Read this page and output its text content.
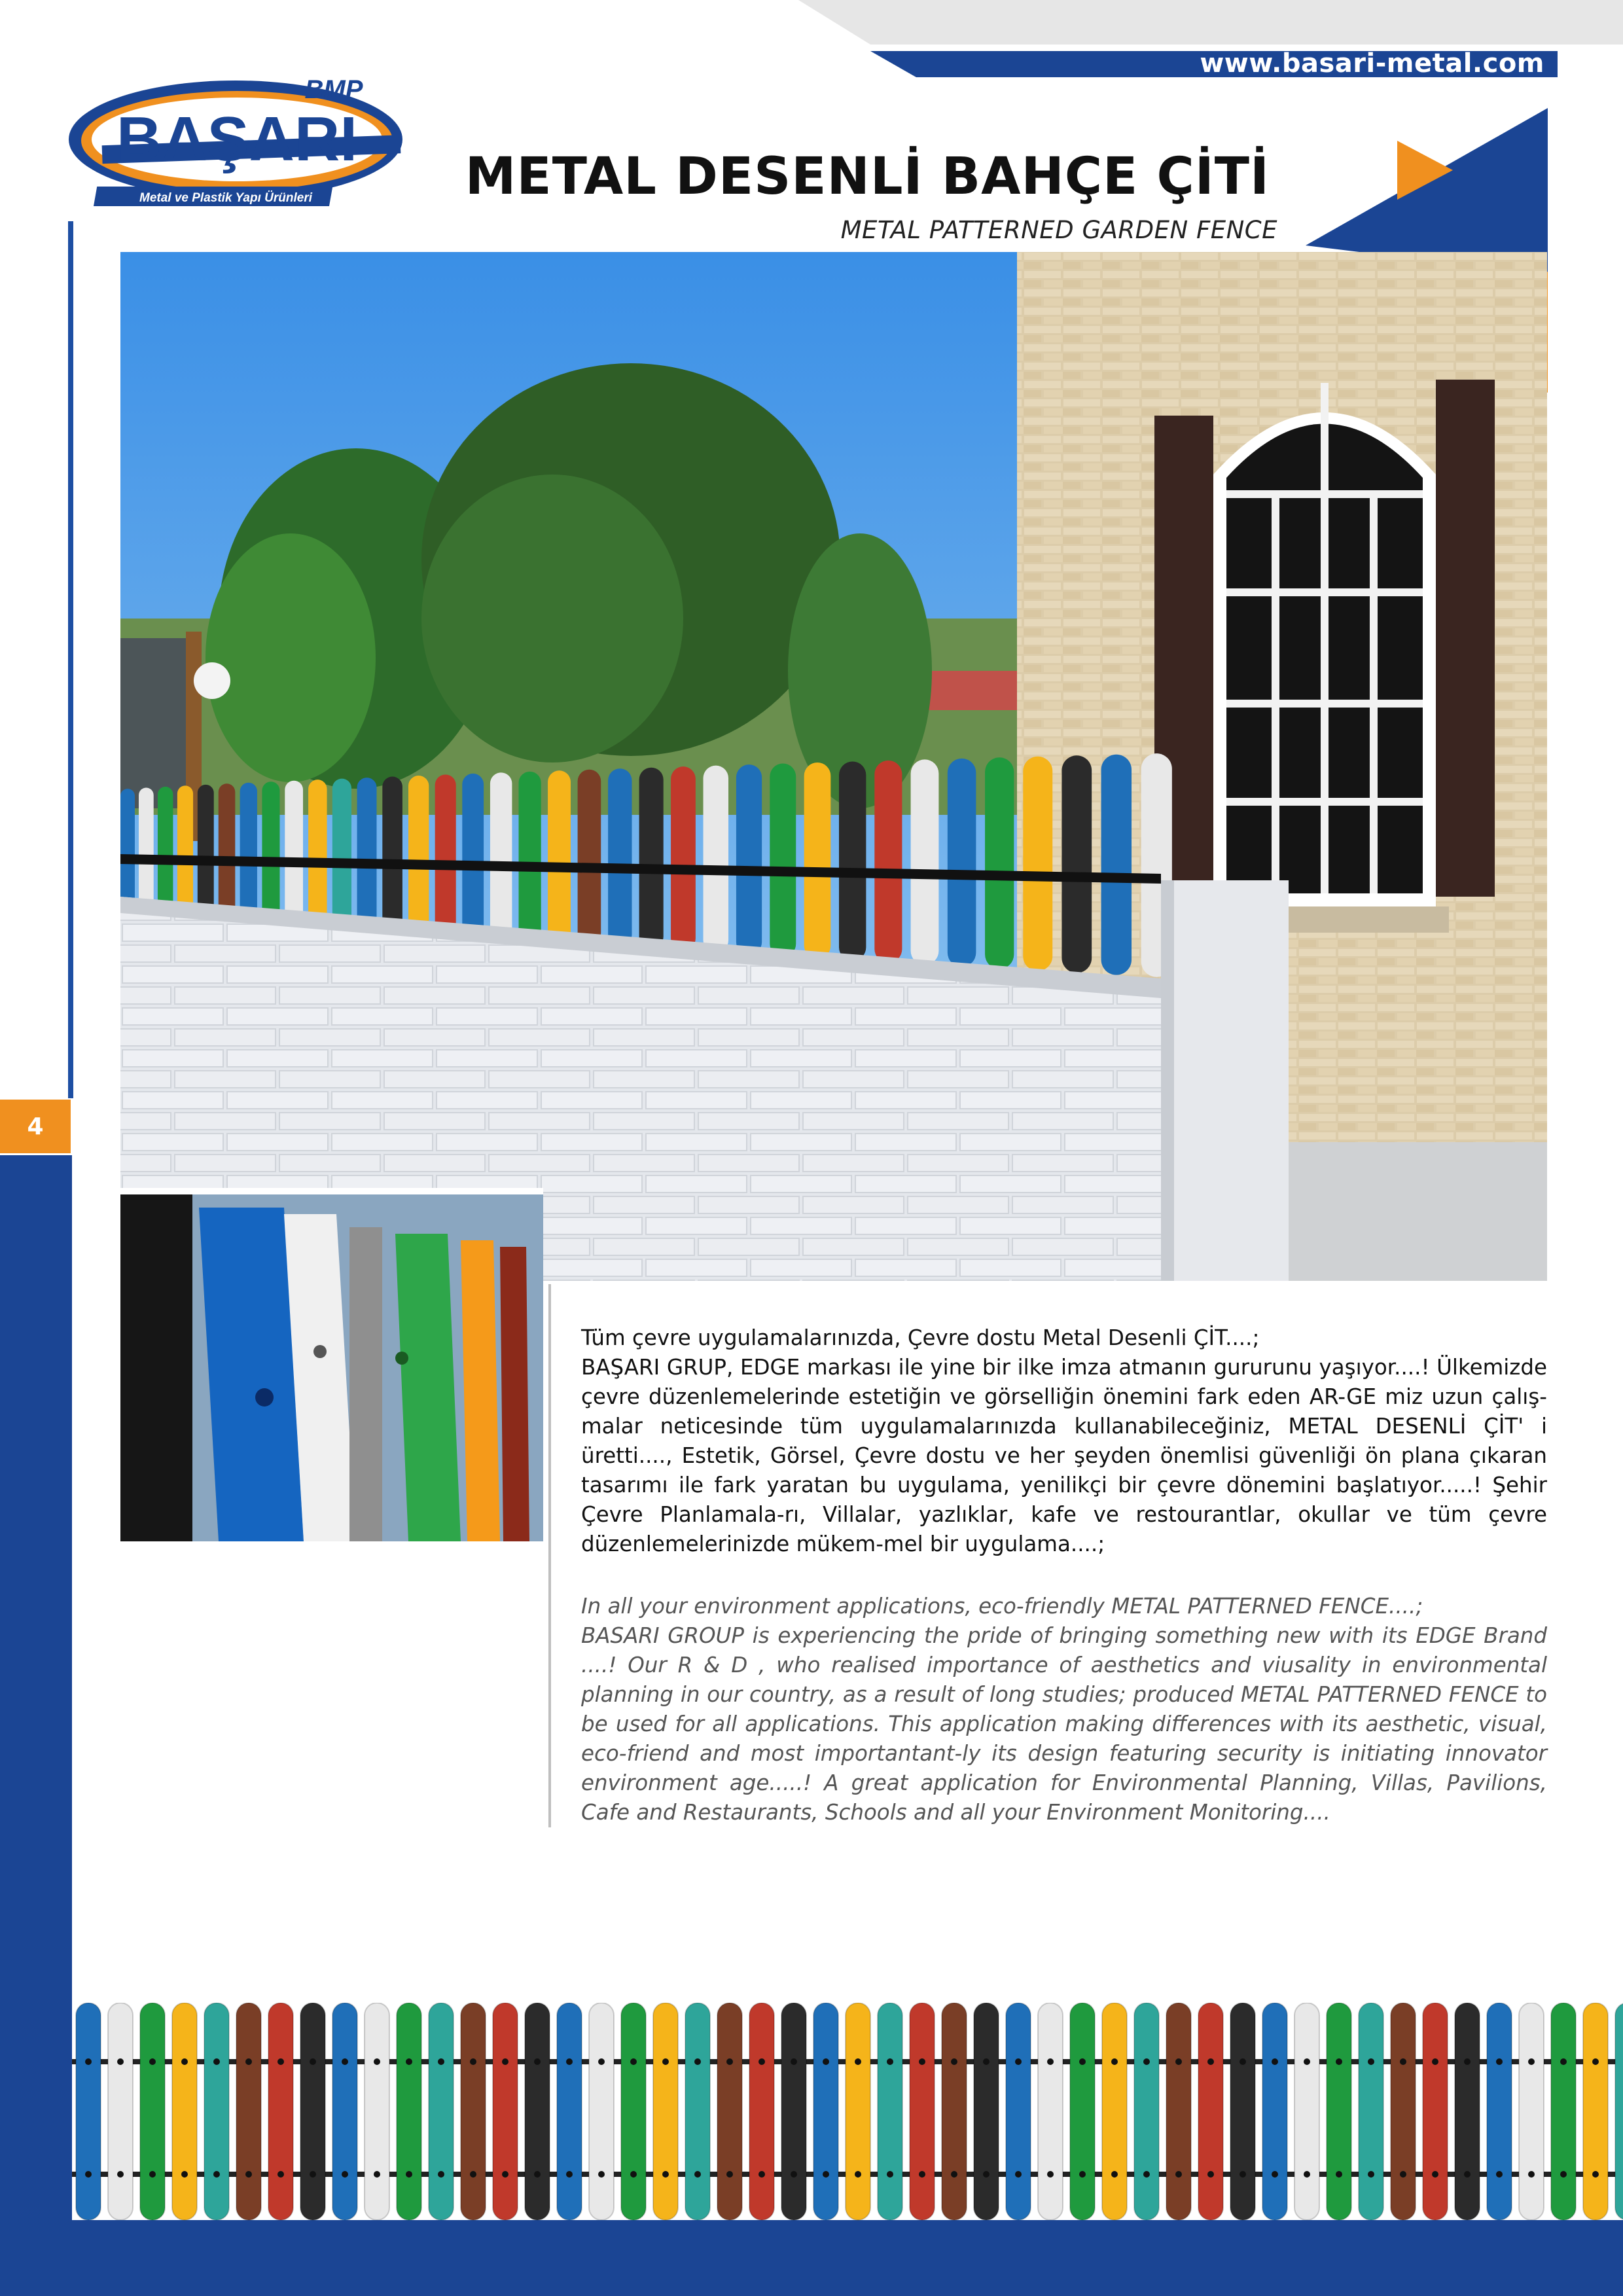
www.basari-metal.com
BAŞARI
BMP
Metal ve Plastik Yapı Ürünleri
4
METAL DESENLİ BAHÇE ÇİTİ
METAL PATTERNED GARDEN FENCE

Tüm çevre uygulamalarınızda, Çevre dostu Metal Desenli ÇİT....;

BAŞARI GRUP, EDGE markası ile yine bir ilke imza atmanın gururunu yaşıyor....! Ülkemizde çevre düzenlemelerinde estetiğin ve görselliğin önemini fark eden AR-GE miz uzun çalış-malar neticesinde tüm uygulamalarınızda kullanabileceğiniz, METAL DESENLİ ÇİT' i üretti...., Estetik, Görsel, Çevre dostu ve her şeyden önemlisi güvenliği ön plana çıkaran tasarımı ile fark yaratan bu uygulama, yenilikçi bir çevre dönemini başlatıyor.....! Şehir Çevre Planlamala-rı, Villalar, yazlıklar, kafe ve restourantlar, okullar ve tüm çevre düzenlemelerinizde mükem-mel bir uygulama....;

In all your environment applications, eco-friendly METAL PATTERNED FENCE....;

BASARI GROUP is experiencing the pride of bringing something new with its EDGE Brand ....! Our R & D , who realised importance of aesthetics and viusality in environmental planning in our country, as a result of long studies; produced METAL PATTERNED FENCE to be used for all applications. This application making differences with its aesthetic, visual, eco-friend and most importantant-ly its design featuring security is initiating innovator environment age.....! A great application for Environmental Planning, Villas, Pavilions, Cafe and Restaurants, Schools and all your Environment Monitoring....
